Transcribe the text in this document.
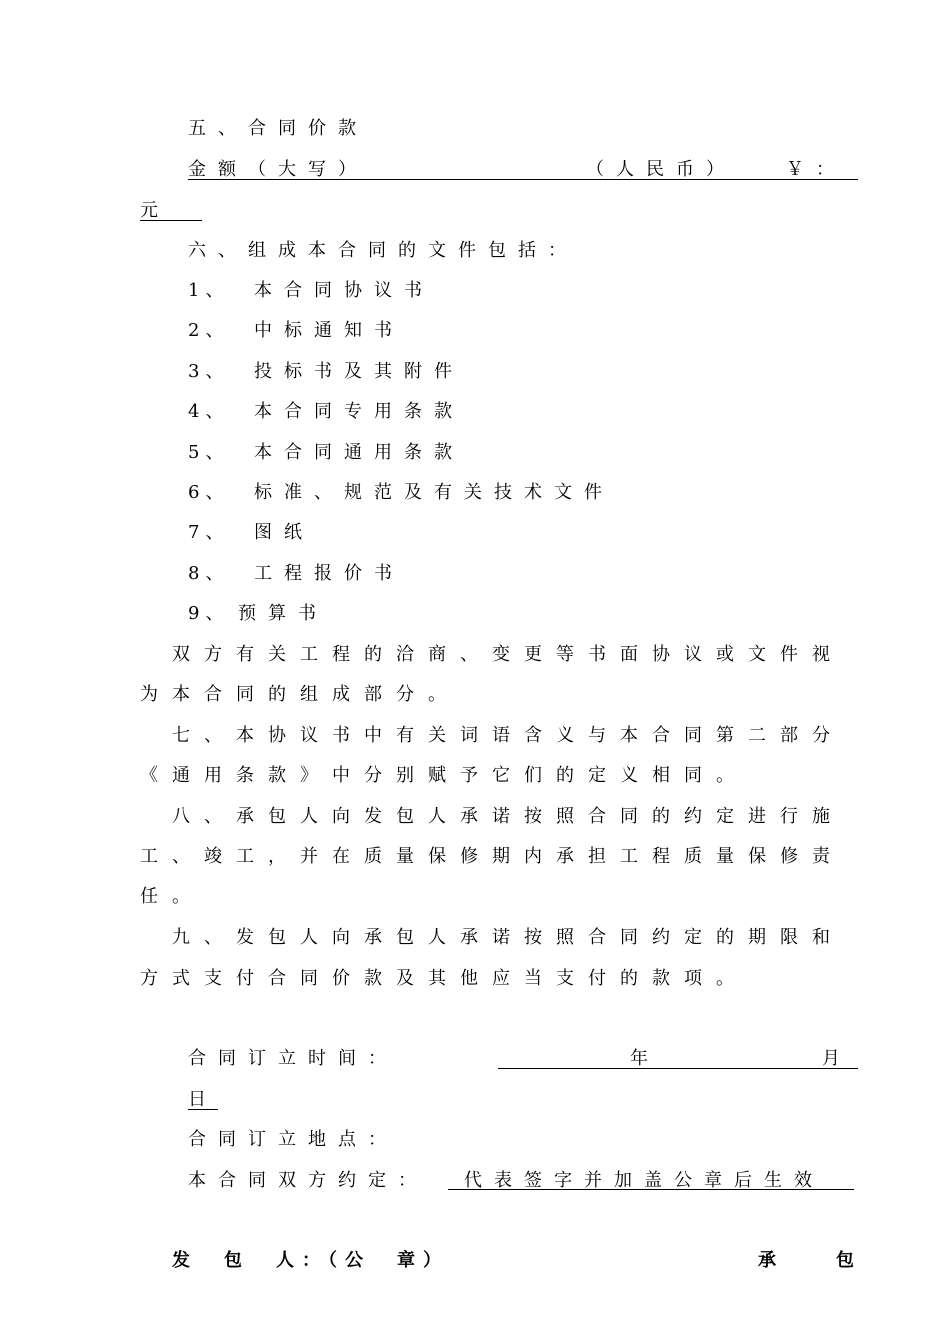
五、合同价款
金额（大写）	（人民币）	￥：
元
六、组成本合同的文件包括：
1、 本合同协议书
2、 中标通知书
3、 投标书及其附件
4、 本合同专用条款
5、 本合同通用条款
6、 标准、规范及有关技术文件
7、 图纸
8、 工程报价书
9、 预算书
双方有关工程的洽商、变更等书面协议或文件视
为本合同的组成部分。
七、本协议书中有关词语含义与本合同第二部分
《通用条款》中分别赋予它们的定义相同。
八、承包人向发包人承诺按照合同的约定进行施
工、竣工，并在质量保修期内承担工程质量保修责
任。
九、发包人向承包人承诺按照合同约定的期限和
方式支付合同价款及其他应当支付的款项。
合同订立时间：	年	月
日
合同订立地点：
本合同双方约定：	代表签字并加盖公章后生效
发　包　人：（公　章）	承　　包
